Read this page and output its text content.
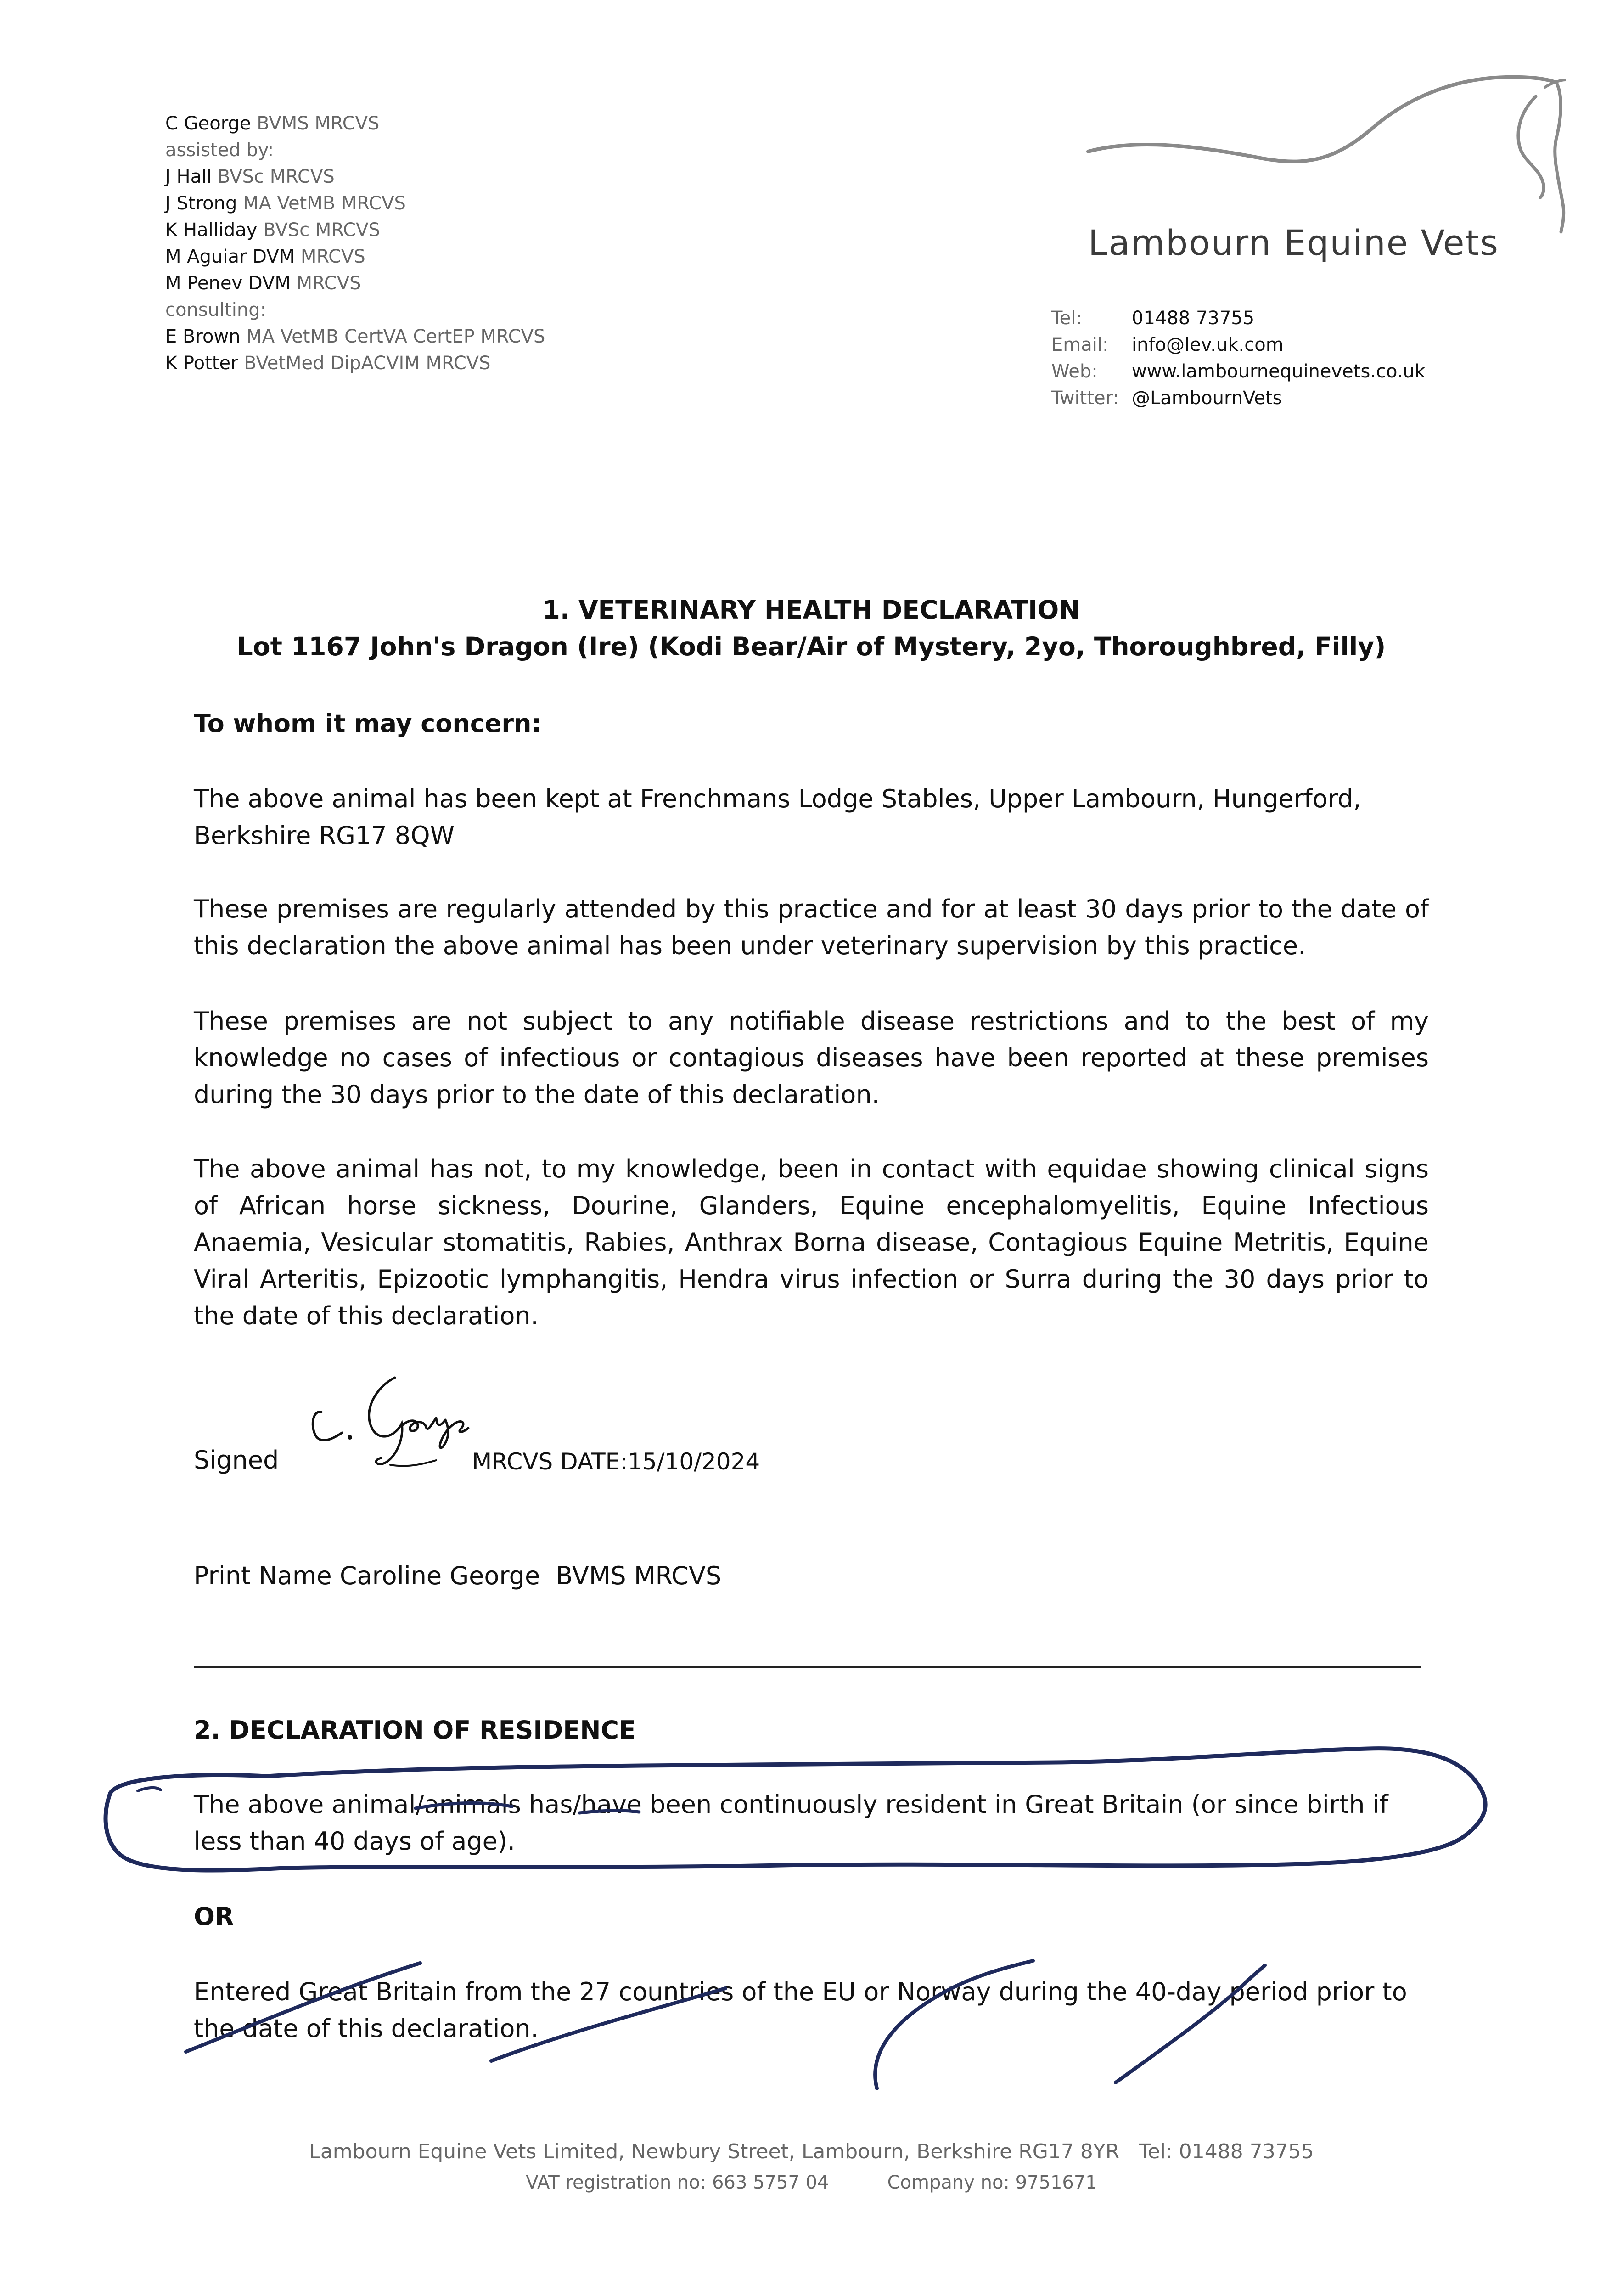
C George BVMS MRCVS
assisted by:
J Hall BVSc MRCVS
J Strong MA VetMB MRCVS
K Halliday BVSc MRCVS
M Aguiar DVM MRCVS
M Penev DVM MRCVS
consulting:
E Brown MA VetMB CertVA CertEP MRCVS
K Potter BVetMed DipACVIM MRCVS
Lambourn Equine Vets
Tel:	01488 73755
Email: info@lev.uk.com
Web: www.lambournequinevets.co.uk
Twitter: @LambournVets
1. VETERINARY HEALTH DECLARATION
Lot 1167 John's Dragon (Ire) (Kodi Bear/Air of Mystery, 2yo, Thoroughbred, Filly)
To whom it may concern:
The above animal has been kept at Frenchmans Lodge Stables, Upper Lambourn, Hungerford, Berkshire RG17 8QW
These premises are regularly attended by this practice and for at least 30 days prior to the date of this declaration the above animal has been under veterinary supervision by this practice.
These premises are not subject to any notifiable disease restrictions and to the best of my knowledge no cases of infectious or contagious diseases have been reported at these premises during the 30 days prior to the date of this declaration.
The above animal has not, to my knowledge, been in contact with equidae showing clinical signs of African horse sickness, Dourine, Glanders, Equine encephalomyelitis, Equine Infectious Anaemia, Vesicular stomatitis, Rabies, Anthrax Borna disease, Contagious Equine Metritis, Equine Viral Arteritis, Epizootic lymphangitis, Hendra virus infection or Surra during the 30 days prior to the date of this declaration.
Signed	MRCVS DATE:15/10/2024
Print Name Caroline George  BVMS MRCVS
2. DECLARATION OF RESIDENCE
The above animal/animals has/have been continuously resident in Great Britain (or since birth if less than 40 days of age).
OR
Entered Great Britain from the 27 countries of the EU or Norway during the 40-day period prior to the date of this declaration.
Lambourn Equine Vets Limited, Newbury Street, Lambourn, Berkshire RG17 8YR   Tel: 01488 73755
VAT registration no: 663 5757 04          Company no: 9751671
